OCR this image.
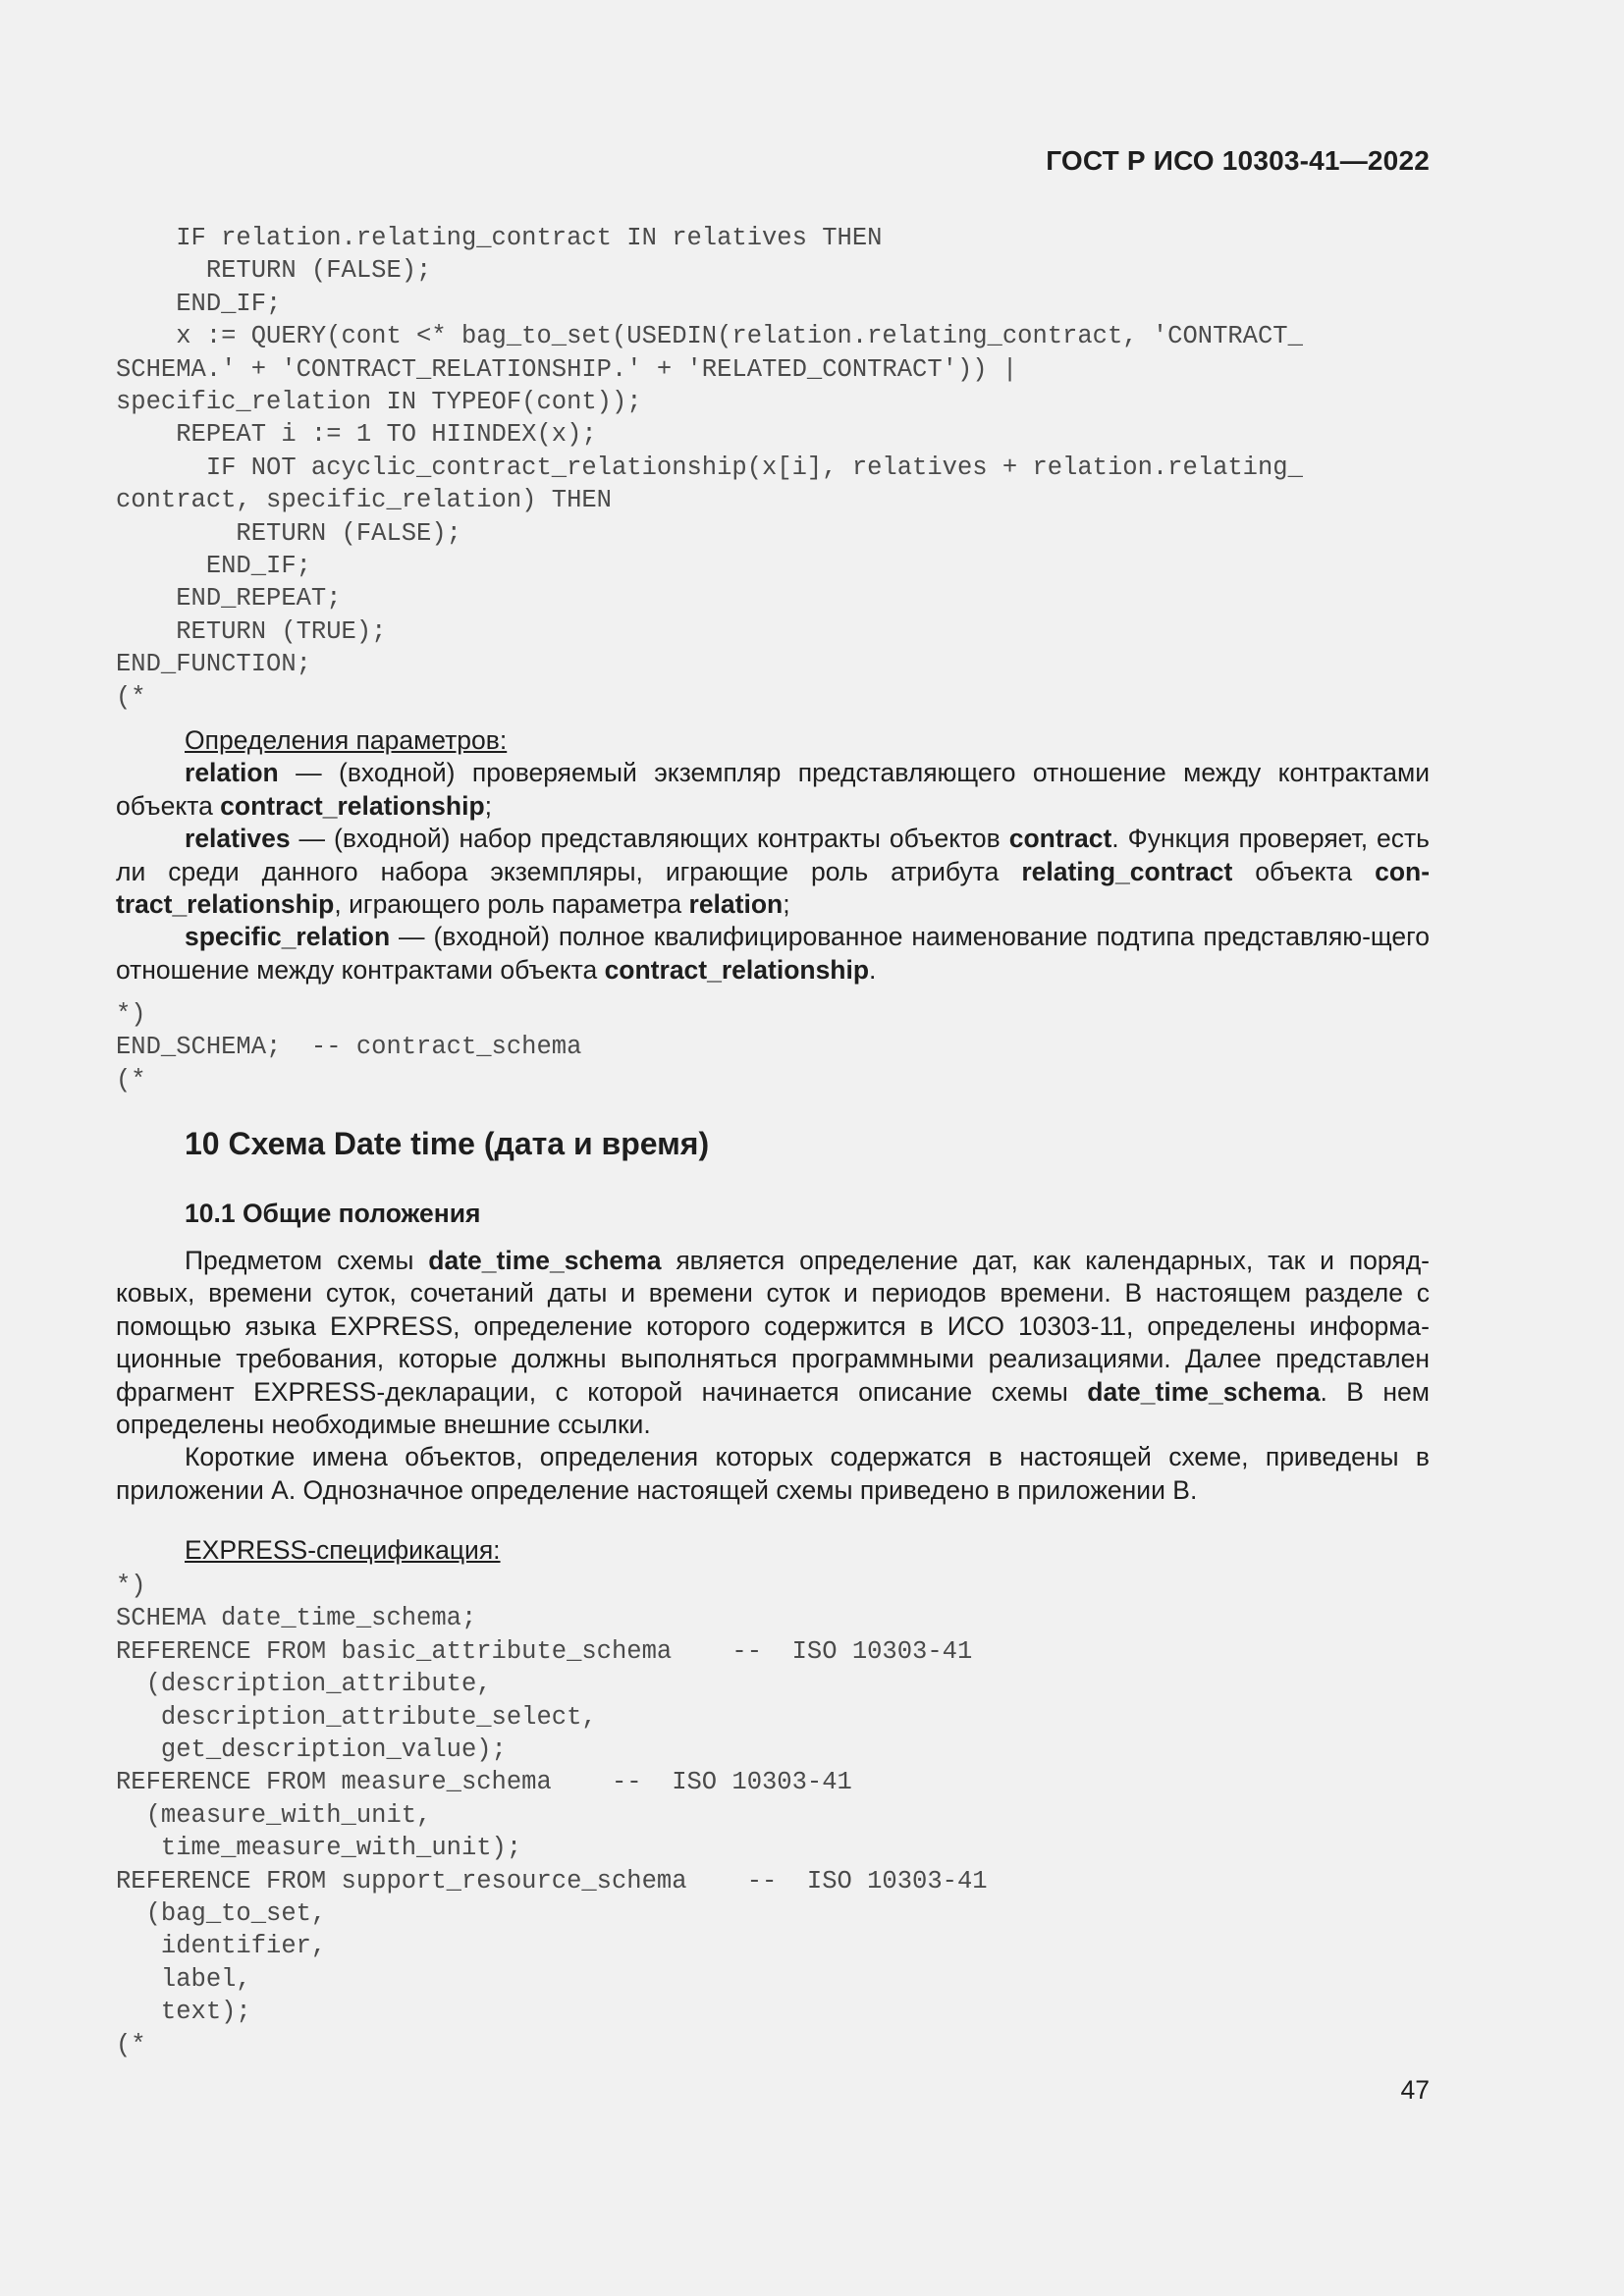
ГОСТ Р ИСО 10303-41—2022
IF relation.relating_contract IN relatives THEN
RETURN (FALSE);
END_IF;
x := QUERY(cont <* bag_to_set(USEDIN(relation.relating_contract, 'CONTRACT_
SCHEMA.' + 'CONTRACT_RELATIONSHIP.' + 'RELATED_CONTRACT')) |
specific_relation IN TYPEOF(cont));
REPEAT i := 1 TO HIINDEX(x);
IF NOT acyclic_contract_relationship(x[i], relatives + relation.relating_
contract, specific_relation) THEN
RETURN (FALSE);
END_IF;
END_REPEAT;
RETURN (TRUE);
END_FUNCTION;
(*

Определения параметров:

relation — (входной) проверяемый экземпляр представляющего отношение между контрактами объекта contract_relationship;

relatives — (входной) набор представляющих контракты объектов contract. Функция проверяет, есть ли среди данного набора экземпляры, играющие роль атрибута relating_contract объекта con-tract_relationship, играющего роль параметра relation;

specific_relation — (входной) полное квалифицированное наименование подтипа представляю-щего отношение между контрактами объекта contract_relationship.

*)
END_SCHEMA;  -- contract_schema
(*
10 Схема Date time (дата и время)
10.1 Общие положения

Предметом схемы date_time_schema является определение дат, как календарных, так и поряд-ковых, времени суток, сочетаний даты и времени суток и периодов времени. В настоящем разделе с помощью языка EXPRESS, определение которого содержится в ИСО 10303-11, определены информа-ционные требования, которые должны выполняться программными реализациями. Далее представлен фрагмент EXPRESS-декларации, с которой начинается описание схемы date_time_schema. В нем определены необходимые внешние ссылки.

Короткие имена объектов, определения которых содержатся в настоящей схеме, приведены в приложении A. Однозначное определение настоящей схемы приведено в приложении B.

EXPRESS-спецификация:

*)
SCHEMA date_time_schema;
REFERENCE FROM basic_attribute_schema    --  ISO 10303-41
(description_attribute,
description_attribute_select,
get_description_value);
REFERENCE FROM measure_schema    --  ISO 10303-41
(measure_with_unit,
time_measure_with_unit);
REFERENCE FROM support_resource_schema    --  ISO 10303-41
(bag_to_set,
identifier,
label,
text);
(*
47
